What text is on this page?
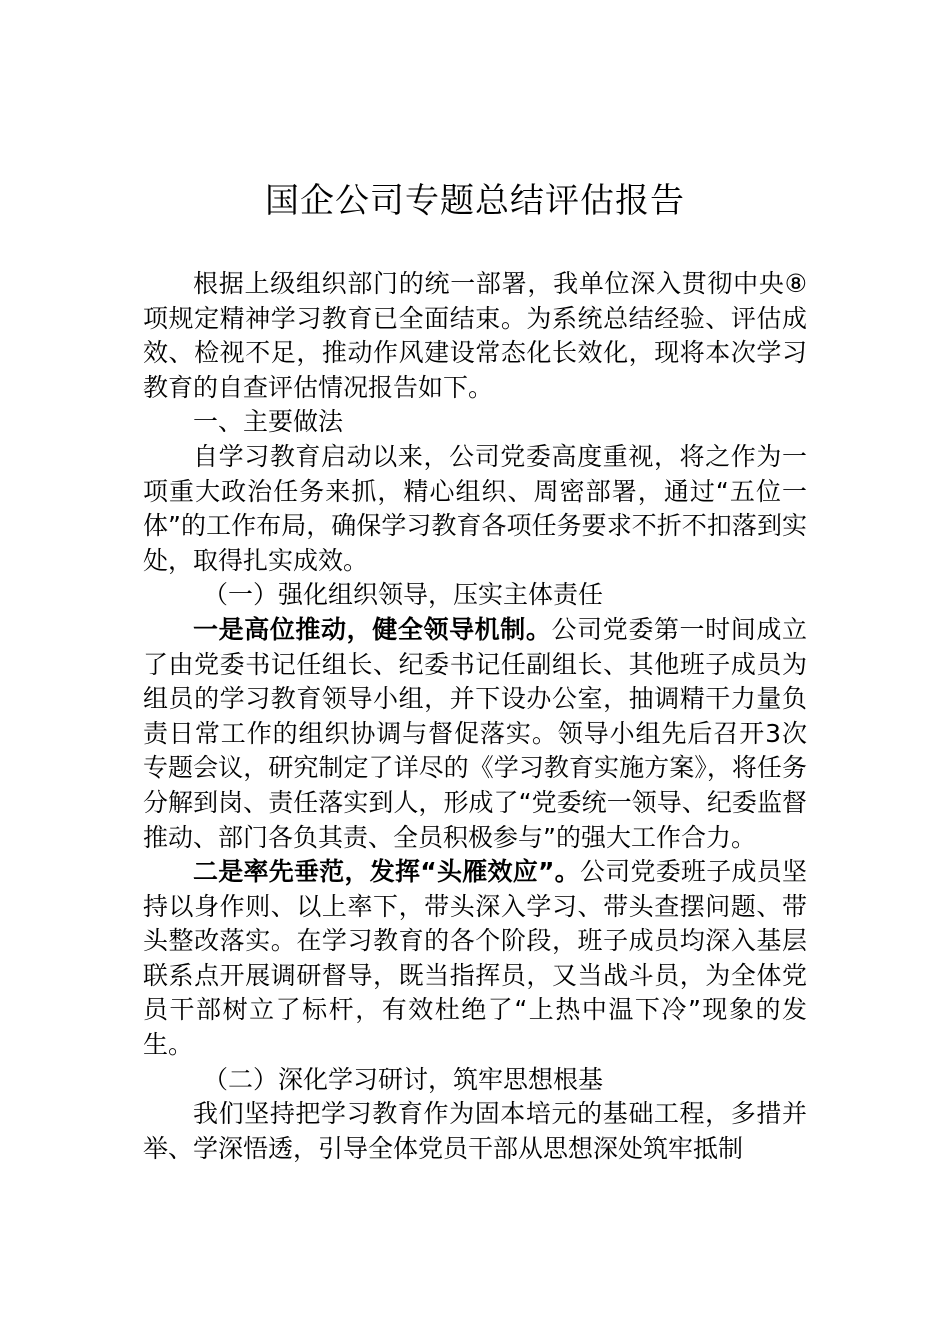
国企公司专题总结评估报告

根据上级组织部门的统一部署，我单位深入贯彻中央⑧项规定精神学习教育已全面结束。为系统总结经验、评估成效、检视不足，推动作风建设常态化长效化，现将本次学习教育的自查评估情况报告如下。

一、主要做法

自学习教育启动以来，公司党委高度重视，将之作为一项重大政治任务来抓，精心组织、周密部署，通过“五位一体”的工作布局，确保学习教育各项任务要求不折不扣落到实处，取得扎实成效。

（一）强化组织领导，压实主体责任

一是高位推动，健全领导机制。公司党委第一时间成立了由党委书记任组长、纪委书记任副组长、其他班子成员为组员的学习教育领导小组，并下设办公室，抽调精干力量负责日常工作的组织协调与督促落实。领导小组先后召开3次专题会议，研究制定了详尽的《学习教育实施方案》，将任务分解到岗、责任落实到人，形成了“党委统一领导、纪委监督推动、部门各负其责、全员积极参与”的强大工作合力。

二是率先垂范，发挥“头雁效应”。公司党委班子成员坚持以身作则、以上率下，带头深入学习、带头查摆问题、带头整改落实。在学习教育的各个阶段，班子成员均深入基层联系点开展调研督导，既当指挥员，又当战斗员，为全体党员干部树立了标杆，有效杜绝了“上热中温下冷”现象的发生。

（二）深化学习研讨，筑牢思想根基

我们坚持把学习教育作为固本培元的基础工程，多措并举、学深悟透，引导全体党员干部从思想深处筑牢抵制
